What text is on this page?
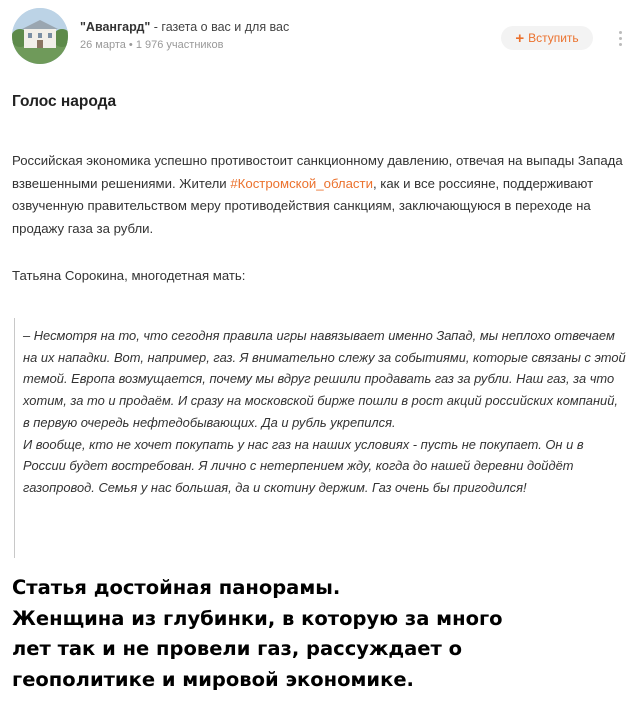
"Авангард" - газета о вас и для вас
26 марта • 1 976 участников	+ Вступить
Голос народа
Российская экономика успешно противостоит санкционному давлению, отвечая на выпады Запада взвешенными решениями. Жители #Костромской_области, как и все россияне, поддерживают озвученную правительством меру противодействия санкциям, заключающуюся в переходе на продажу газа за рубли.
Татьяна Сорокина, многодетная мать:

– Несмотря на то, что сегодня правила игры навязывает именно Запад, мы неплохо отвечаем на их нападки. Вот, например, газ. Я внимательно слежу за событиями, которые связаны с этой темой. Европа возмущается, почему мы вдруг решили продавать газ за рубли. Наш газ, за что хотим, за то и продаём. И сразу на московской бирже пошли в рост акций российских компаний, в первую очередь нефтедобывающих. Да и рубль укрепился.

И вообще, кто не хочет покупать у нас газ на наших условиях - пусть не покупает. Он и в России будет востребован. Я лично с нетерпением жду, когда до нашей деревни дойдёт газопровод. Семья у нас большая, да и скотину держим. Газ очень бы пригодился!

Статья достойная панорамы.
Женщина из глубинки, в которую за много
лет так и не провели газ, рассуждает о
геополитике и мировой экономике.
